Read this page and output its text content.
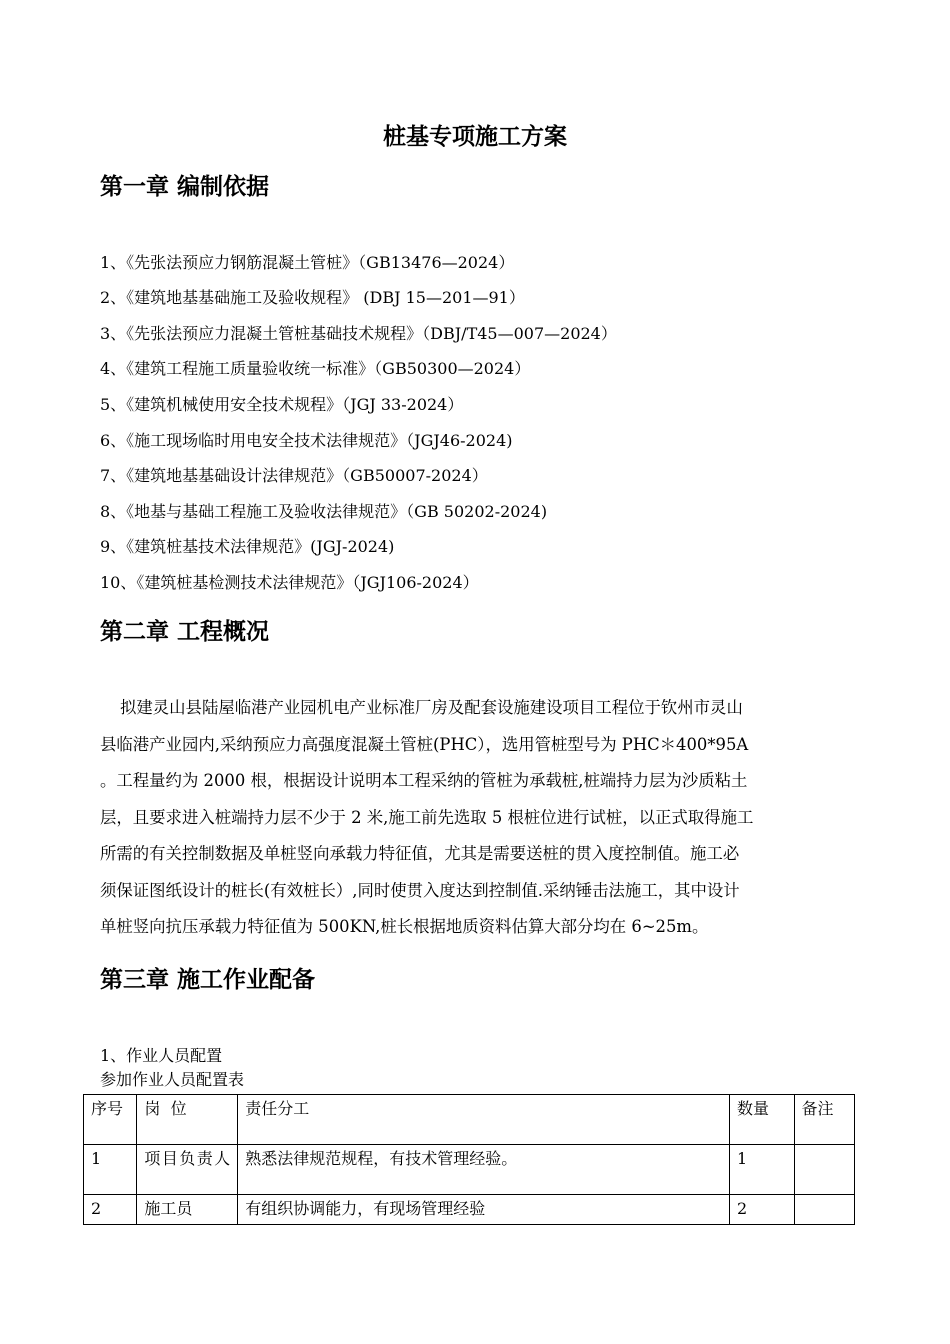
桩基专项施工方案
第一章 编制依据
1、《先张法预应力钢筋混凝土管桩》（GB13476—2024）
2、《建筑地基基础施工及验收规程》 (DBJ 15—201—91）
3、《先张法预应力混凝土管桩基础技术规程》（DBJ/T45—007—2024）
4、《建筑工程施工质量验收统一标准》（GB50300—2024）
5、《建筑机械使用安全技术规程》（JGJ 33-2024）
6、《施工现场临时用电安全技术法律规范》（JGJ46-2024)
7、《建筑地基基础设计法律规范》（GB50007-2024）
8、《地基与基础工程施工及验收法律规范》（GB 50202-2024)
9、《建筑桩基技术法律规范》(JGJ-2024)
10、《建筑桩基检测技术法律规范》（JGJ106-2024）
第二章 工程概况
拟建灵山县陆屋临港产业园机电产业标准厂房及配套设施建设项目工程位于钦州市灵山
县临港产业园内,采纳预应力高强度混凝土管桩(PHC），选用管桩型号为 PHC＊400*95A
。工程量约为 2000 根，根据设计说明本工程采纳的管桩为承载桩,桩端持力层为沙质粘土
层，且要求进入桩端持力层不少于 2 米,施工前先选取 5 根桩位进行试桩，以正式取得施工
所需的有关控制数据及单桩竖向承载力特征值，尤其是需要送桩的贯入度控制值。施工必
须保证图纸设计的桩长(有效桩长）,同时使贯入度达到控制值.采纳锤击法施工，其中设计
单桩竖向抗压承载力特征值为 500KN,桩长根据地质资料估算大部分均在 6~25m。
第三章 施工作业配备
1、作业人员配置
参加作业人员配置表
序号	岗  位	责任分工	数量	备注
1	项目负责人	熟悉法律规范规程，有技术管理经验。	1	
2	施工员	有组织协调能力，有现场管理经验	2	
